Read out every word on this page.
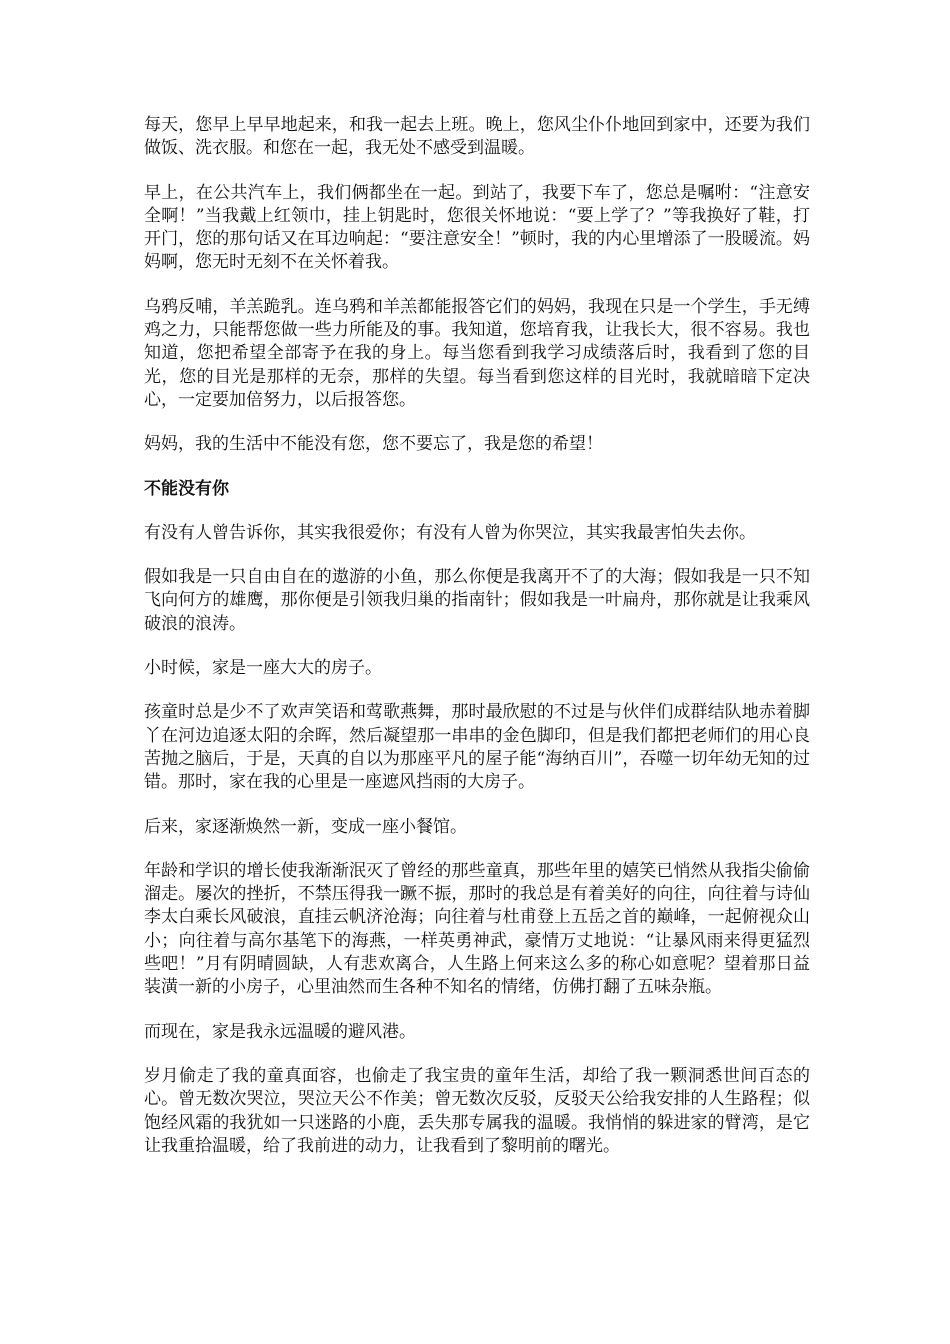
每天，您早上早早地起来，和我一起去上班。晚上，您风尘仆仆地回到家中，还要为我们做饭、洗衣服。和您在一起，我无处不感受到温暖。

早上，在公共汽车上，我们俩都坐在一起。到站了，我要下车了，您总是嘱咐：“注意安全啊！”当我戴上红领巾，挂上钥匙时，您很关怀地说：“要上学了？”等我换好了鞋，打开门，您的那句话又在耳边响起：“要注意安全！”顿时，我的内心里增添了一股暖流。妈妈啊，您无时无刻不在关怀着我。

乌鸦反哺，羊羔跪乳。连乌鸦和羊羔都能报答它们的妈妈，我现在只是一个学生，手无缚鸡之力，只能帮您做一些力所能及的事。我知道，您培育我，让我长大，很不容易。我也知道，您把希望全部寄予在我的身上。每当您看到我学习成绩落后时，我看到了您的目光，您的目光是那样的无奈，那样的失望。每当看到您这样的目光时，我就暗暗下定决心，一定要加倍努力，以后报答您。

妈妈，我的生活中不能没有您，您不要忘了，我是您的希望！

不能没有你

有没有人曾告诉你，其实我很爱你；有没有人曾为你哭泣，其实我最害怕失去你。

假如我是一只自由自在的遨游的小鱼，那么你便是我离开不了的大海；假如我是一只不知飞向何方的雄鹰，那你便是引领我归巢的指南针；假如我是一叶扁舟，那你就是让我乘风破浪的浪涛。

小时候，家是一座大大的房子。

孩童时总是少不了欢声笑语和莺歌燕舞，那时最欣慰的不过是与伙伴们成群结队地赤着脚丫在河边追逐太阳的余晖，然后凝望那一串串的金色脚印，但是我们都把老师们的用心良苦抛之脑后，于是，天真的自以为那座平凡的屋子能“海纳百川”，吞噬一切年幼无知的过错。那时，家在我的心里是一座遮风挡雨的大房子。

后来，家逐渐焕然一新，变成一座小餐馆。

年龄和学识的增长使我渐渐泯灭了曾经的那些童真，那些年里的嬉笑已悄然从我指尖偷偷溜走。屡次的挫折，不禁压得我一蹶不振，那时的我总是有着美好的向往，向往着与诗仙李太白乘长风破浪，直挂云帆济沧海；向往着与杜甫登上五岳之首的巅峰，一起俯视众山小；向往着与高尔基笔下的海燕，一样英勇神武，豪情万丈地说：“让暴风雨来得更猛烈些吧！”月有阴晴圆缺，人有悲欢离合，人生路上何来这么多的称心如意呢？望着那日益装潢一新的小房子，心里油然而生各种不知名的情绪，仿佛打翻了五味杂瓶。

而现在，家是我永远温暖的避风港。

岁月偷走了我的童真面容，也偷走了我宝贵的童年生活，却给了我一颗洞悉世间百态的心。曾无数次哭泣，哭泣天公不作美；曾无数次反驳，反驳天公给我安排的人生路程；似饱经风霜的我犹如一只迷路的小鹿，丢失那专属我的温暖。我悄悄的躲进家的臂湾，是它让我重拾温暖，给了我前进的动力，让我看到了黎明前的曙光。
